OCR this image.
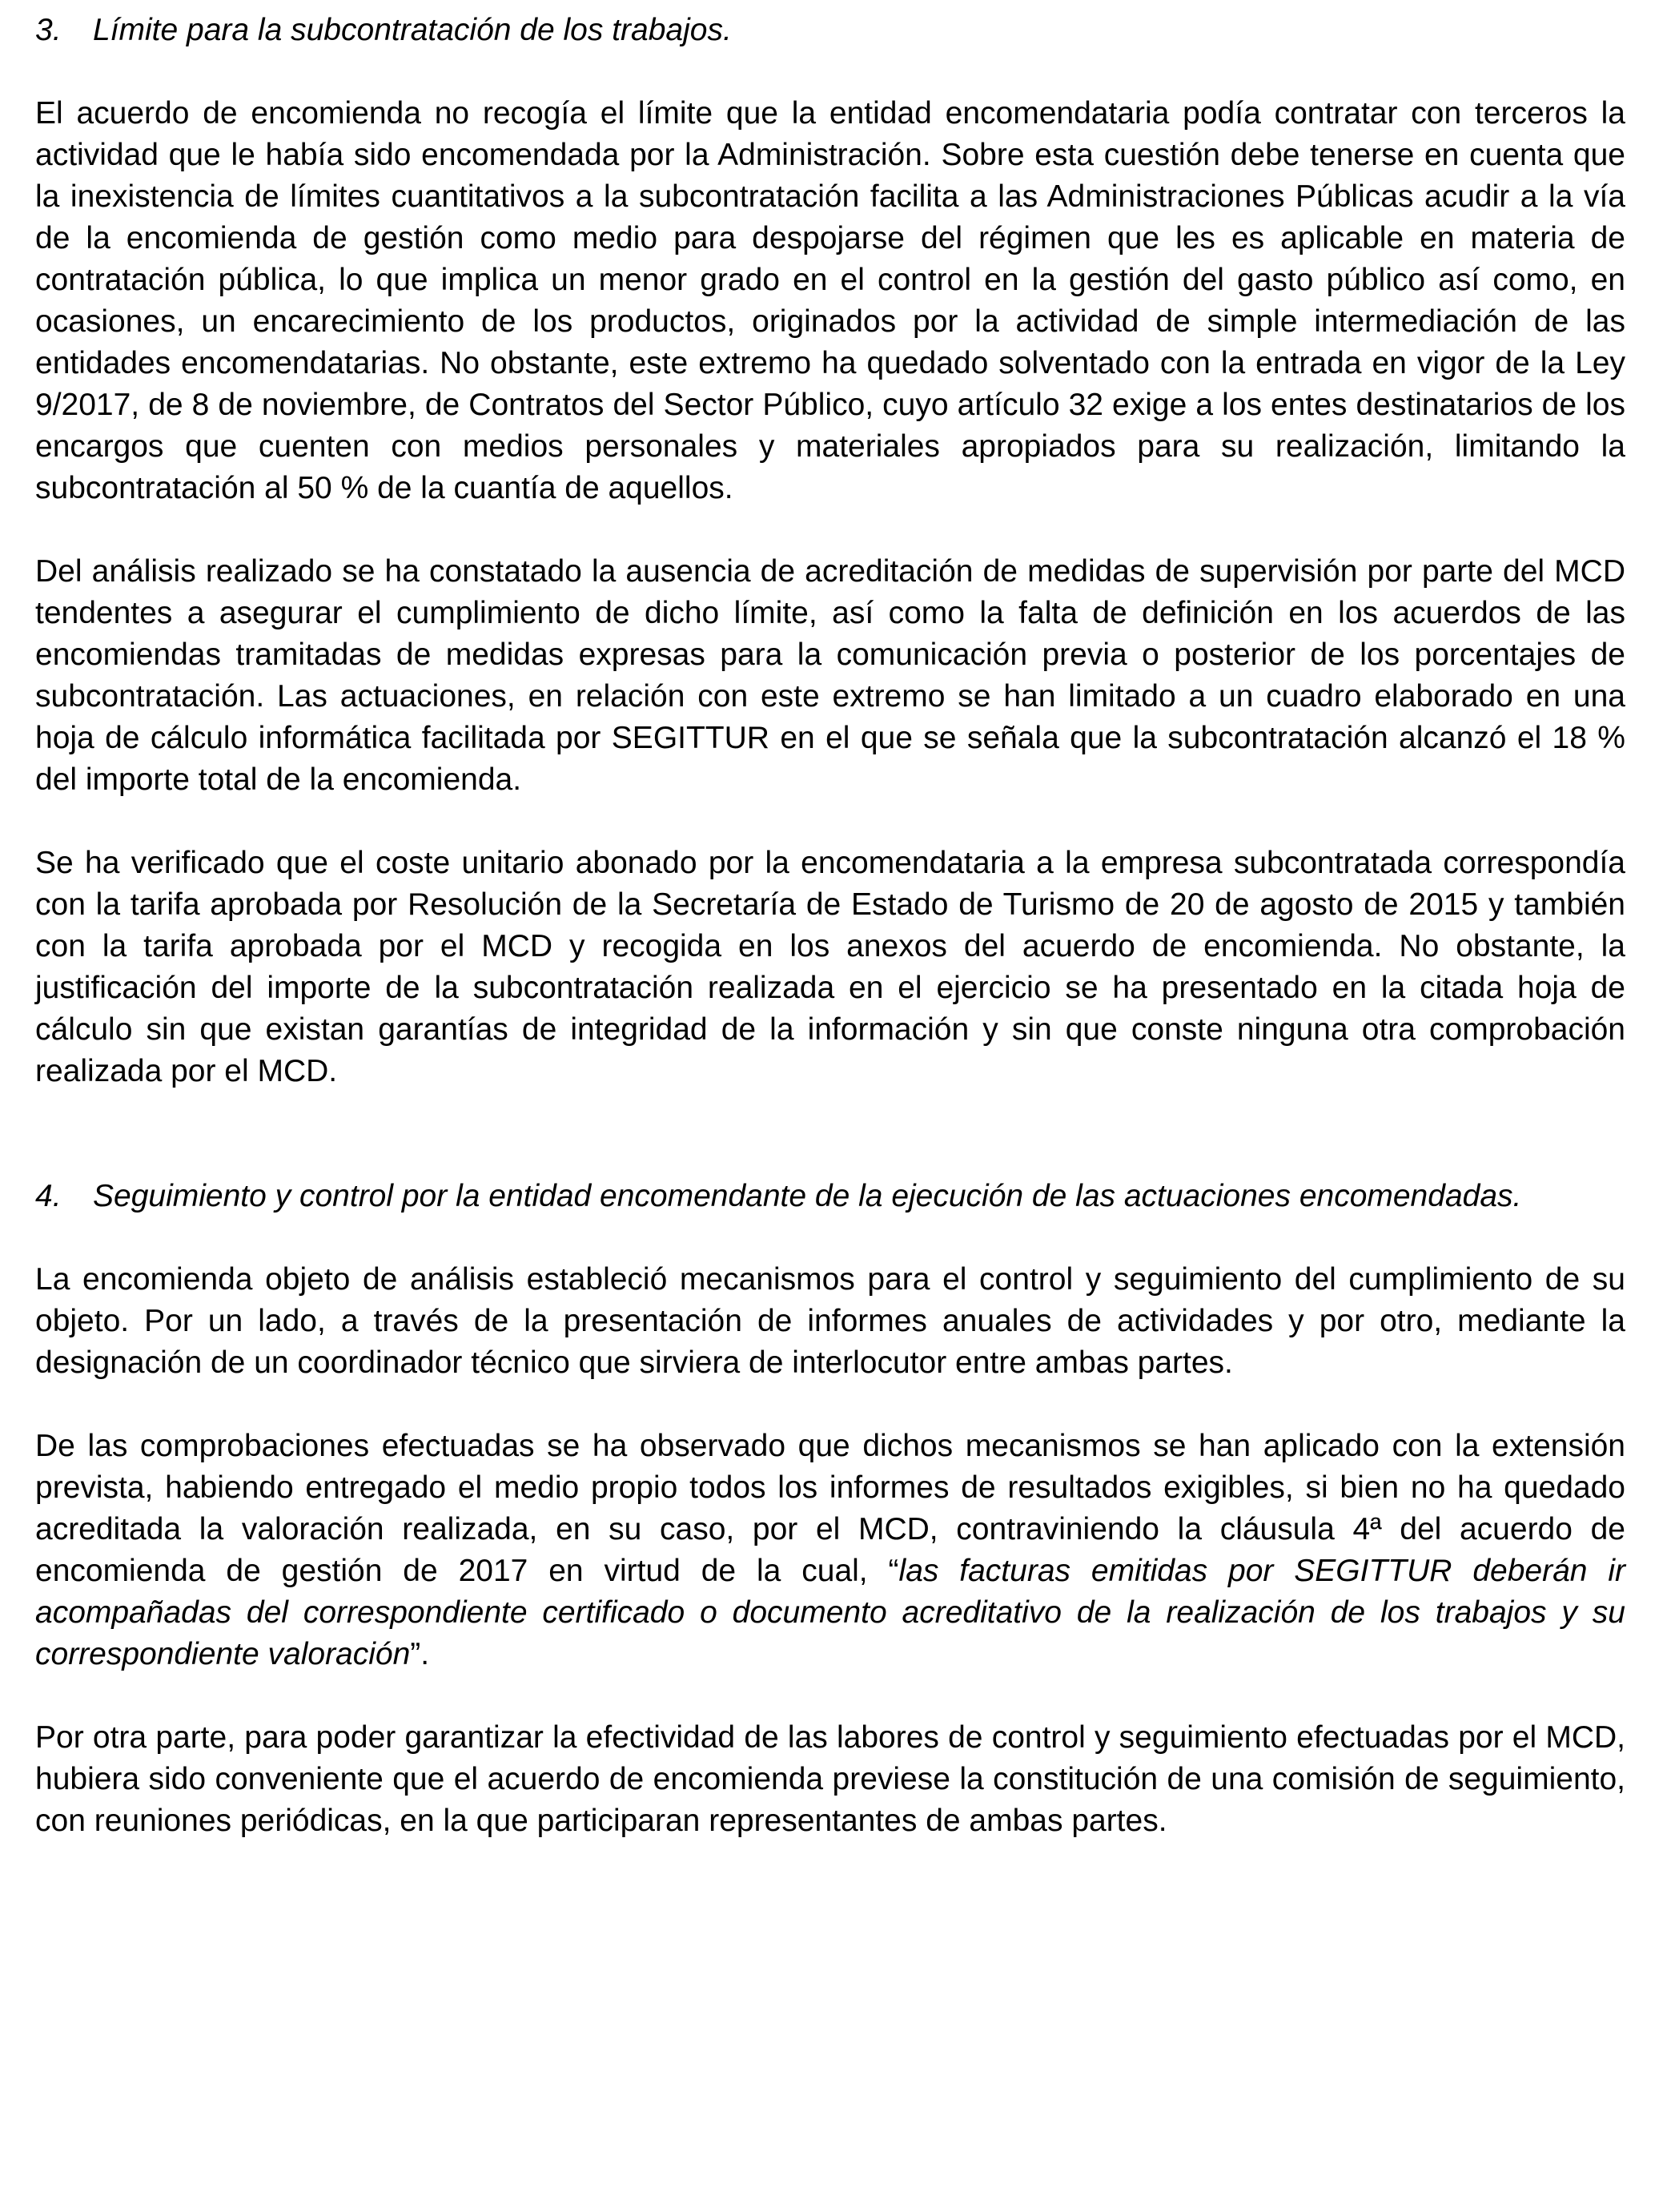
3.	Límite para la subcontratación de los trabajos.

El acuerdo de encomienda no recogía el límite que la entidad encomendataria podía contratar con terceros la actividad que le había sido encomendada por la Administración. Sobre esta cuestión debe tenerse en cuenta que la inexistencia de límites cuantitativos a la subcontratación facilita a las Administraciones Públicas acudir a la vía de la encomienda de gestión como medio para despojarse del régimen que les es aplicable en materia de contratación pública, lo que implica un menor grado en el control en la gestión del gasto público así como, en ocasiones, un encarecimiento de los productos, originados por la actividad de simple intermediación de las entidades encomendatarias. No obstante, este extremo ha quedado solventado con la entrada en vigor de la Ley 9/2017, de 8 de noviembre, de Contratos del Sector Público, cuyo artículo 32 exige a los entes destinatarios de los encargos que cuenten con medios personales y materiales apropiados para su realización, limitando la subcontratación al 50 % de la cuantía de aquellos.

Del análisis realizado se ha constatado la ausencia de acreditación de medidas de supervisión por parte del MCD tendentes a asegurar el cumplimiento de dicho límite, así como la falta de definición en los acuerdos de las encomiendas tramitadas de medidas expresas para la comunicación previa o posterior de los porcentajes de subcontratación. Las actuaciones, en relación con este extremo se han limitado a un cuadro elaborado en una hoja de cálculo informática facilitada por SEGITTUR en el que se señala que la subcontratación alcanzó el 18 % del importe total de la encomienda.

Se ha verificado que el coste unitario abonado por la encomendataria a la empresa subcontratada correspondía con la tarifa aprobada por Resolución de la Secretaría de Estado de Turismo de 20 de agosto de 2015 y también con la tarifa aprobada por el MCD y recogida en los anexos del acuerdo de encomienda. No obstante, la justificación del importe de la subcontratación realizada en el ejercicio se ha presentado en la citada hoja de cálculo sin que existan garantías de integridad de la información y sin que conste ninguna otra comprobación realizada por el MCD.

4.	Seguimiento y control por la entidad encomendante de la ejecución de las actuaciones encomendadas.

La encomienda objeto de análisis estableció mecanismos para el control y seguimiento del cumplimiento de su objeto. Por un lado, a través de la presentación de informes anuales de actividades y por otro, mediante la designación de un coordinador técnico que sirviera de interlocutor entre ambas partes.

De las comprobaciones efectuadas se ha observado que dichos mecanismos se han aplicado con la extensión prevista, habiendo entregado el medio propio todos los informes de resultados exigibles, si bien no ha quedado acreditada la valoración realizada, en su caso, por el MCD, contraviniendo la cláusula 4ª del acuerdo de encomienda de gestión de 2017 en virtud de la cual, “las facturas emitidas por SEGITTUR deberán ir acompañadas del correspondiente certificado o documento acreditativo de la realización de los trabajos y su correspondiente valoración”.

Por otra parte, para poder garantizar la efectividad de las labores de control y seguimiento efectuadas por el MCD, hubiera sido conveniente que el acuerdo de encomienda previese la constitución de una comisión de seguimiento, con reuniones periódicas, en la que participaran representantes de ambas partes.
